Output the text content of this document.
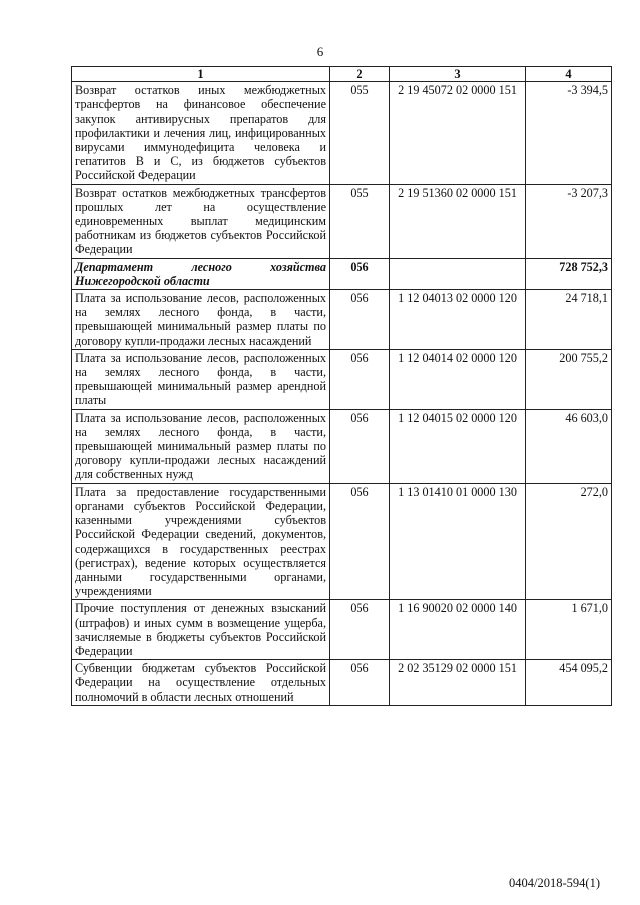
6
1	2	3	4
Возврат остатков иных межбюджетных трансфертов на финансовое обеспечение закупок антивирусных препаратов для профилактики и лечения лиц, инфицированных вирусами иммунодефицита человека и гепатитов В и С, из бюджетов субъектов Российской Федерации	055	2 19 45072 02 0000 151	-3 394,5
Возврат остатков межбюджетных трансфертов прошлых лет на осуществление единовременных выплат медицинским работникам из бюджетов субъектов Российской Федерации	055	2 19 51360 02 0000 151	-3 207,3
Департамент лесного хозяйства Нижегородской области	056		728 752,3
Плата за использование лесов, расположенных на землях лесного фонда, в части, превышающей минимальный размер платы по договору купли-продажи лесных насаждений	056	1 12 04013 02 0000 120	24 718,1
Плата за использование лесов, расположенных на землях лесного фонда, в части, превышающей минимальный размер арендной платы	056	1 12 04014 02 0000 120	200 755,2
Плата за использование лесов, расположенных на землях лесного фонда, в части, превышающей минимальный размер платы по договору купли-продажи лесных насаждений для собственных нужд	056	1 12 04015 02 0000 120	46 603,0
Плата за предоставление государственными органами субъектов Российской Федерации, казенными учреждениями субъектов Российской Федерации сведений, документов, содержащихся в государственных реестрах (регистрах), ведение которых осуществляется данными государственными органами, учреждениями	056	1 13 01410 01 0000 130	272,0
Прочие поступления от денежных взысканий (штрафов) и иных сумм в возмещение ущерба, зачисляемые в бюджеты субъектов Российской Федерации	056	1 16 90020 02 0000 140	1 671,0
Субвенции бюджетам субъектов Российской Федерации на осуществление отдельных полномочий в области лесных отношений	056	2 02 35129 02 0000 151	454 095,2
0404/2018-594(1)
